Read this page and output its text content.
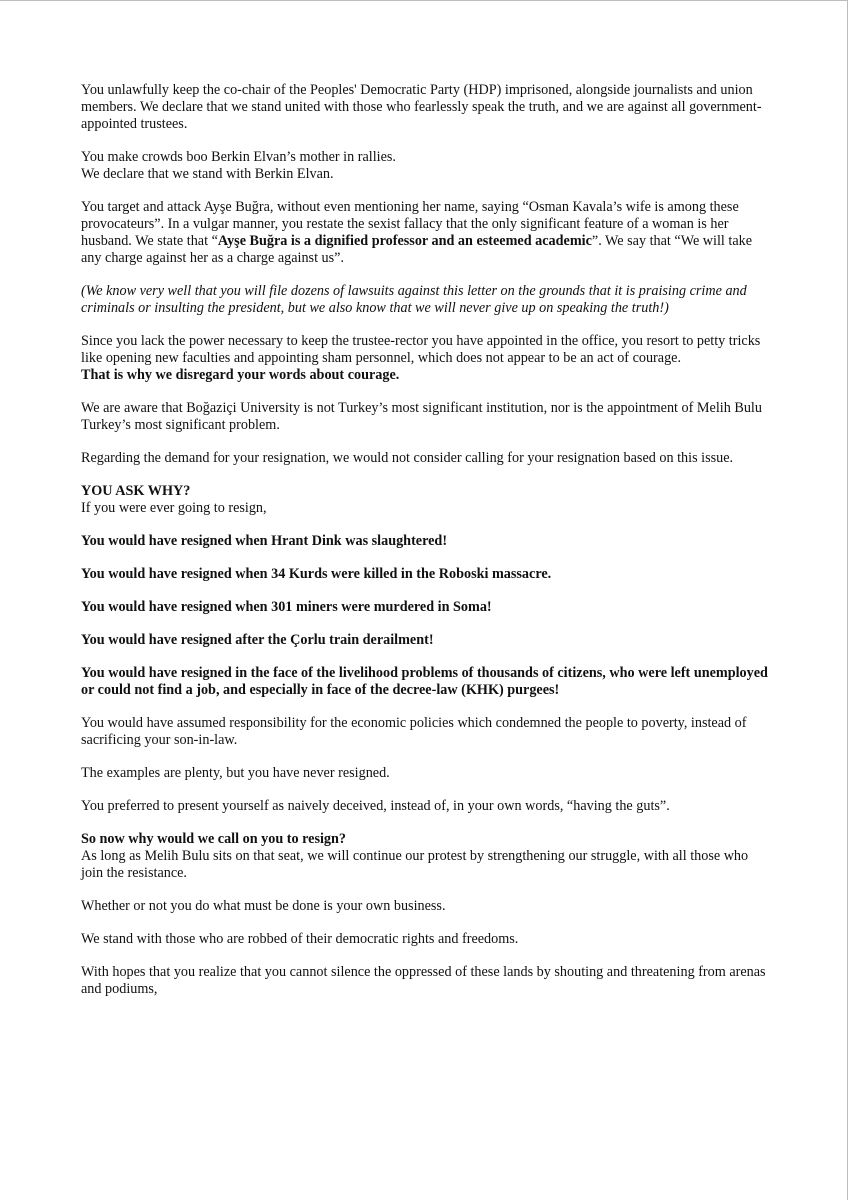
You unlawfully keep the co-chair of the Peoples' Democratic Party (HDP) imprisoned, alongside journalists and union members. We declare that we stand united with those who fearlessly speak the truth, and we are against all government-appointed trustees.

You make crowds boo Berkin Elvan’s mother in rallies.
We declare that we stand with Berkin Elvan.

You target and attack Ayşe Buğra, without even mentioning her name, saying “Osman Kavala’s wife is among these provocateurs”. In a vulgar manner, you restate the sexist fallacy that the only significant feature of a woman is her husband. We state that “Ayşe Buğra is a dignified professor and an esteemed academic”. We say that “We will take any charge against her as a charge against us”.

(We know very well that you will file dozens of lawsuits against this letter on the grounds that it is praising crime and criminals or insulting the president, but we also know that we will never give up on speaking the truth!)

Since you lack the power necessary to keep the trustee-rector you have appointed in the office, you resort to petty tricks like opening new faculties and appointing sham personnel, which does not appear to be an act of courage.
That is why we disregard your words about courage.

We are aware that Boğaziçi University is not Turkey’s most significant institution, nor is the appointment of Melih Bulu Turkey’s most significant problem.

Regarding the demand for your resignation, we would not consider calling for your resignation based on this issue.

YOU ASK WHY?
If you were ever going to resign,

You would have resigned when Hrant Dink was slaughtered!

You would have resigned when 34 Kurds were killed in the Roboski massacre.

You would have resigned when 301 miners were murdered in Soma!

You would have resigned after the Çorlu train derailment!

You would have resigned in the face of the livelihood problems of thousands of citizens, who were left unemployed or could not find a job, and especially in face of the decree-law (KHK) purgees!

You would have assumed responsibility for the economic policies which condemned the people to poverty, instead of sacrificing your son-in-law.

The examples are plenty, but you have never resigned.

You preferred to present yourself as naively deceived, instead of, in your own words, “having the guts”.

So now why would we call on you to resign?
As long as Melih Bulu sits on that seat, we will continue our protest by strengthening our struggle, with all those who join the resistance.

Whether or not you do what must be done is your own business.

We stand with those who are robbed of their democratic rights and freedoms.

With hopes that you realize that you cannot silence the oppressed of these lands by shouting and threatening from arenas and podiums,
